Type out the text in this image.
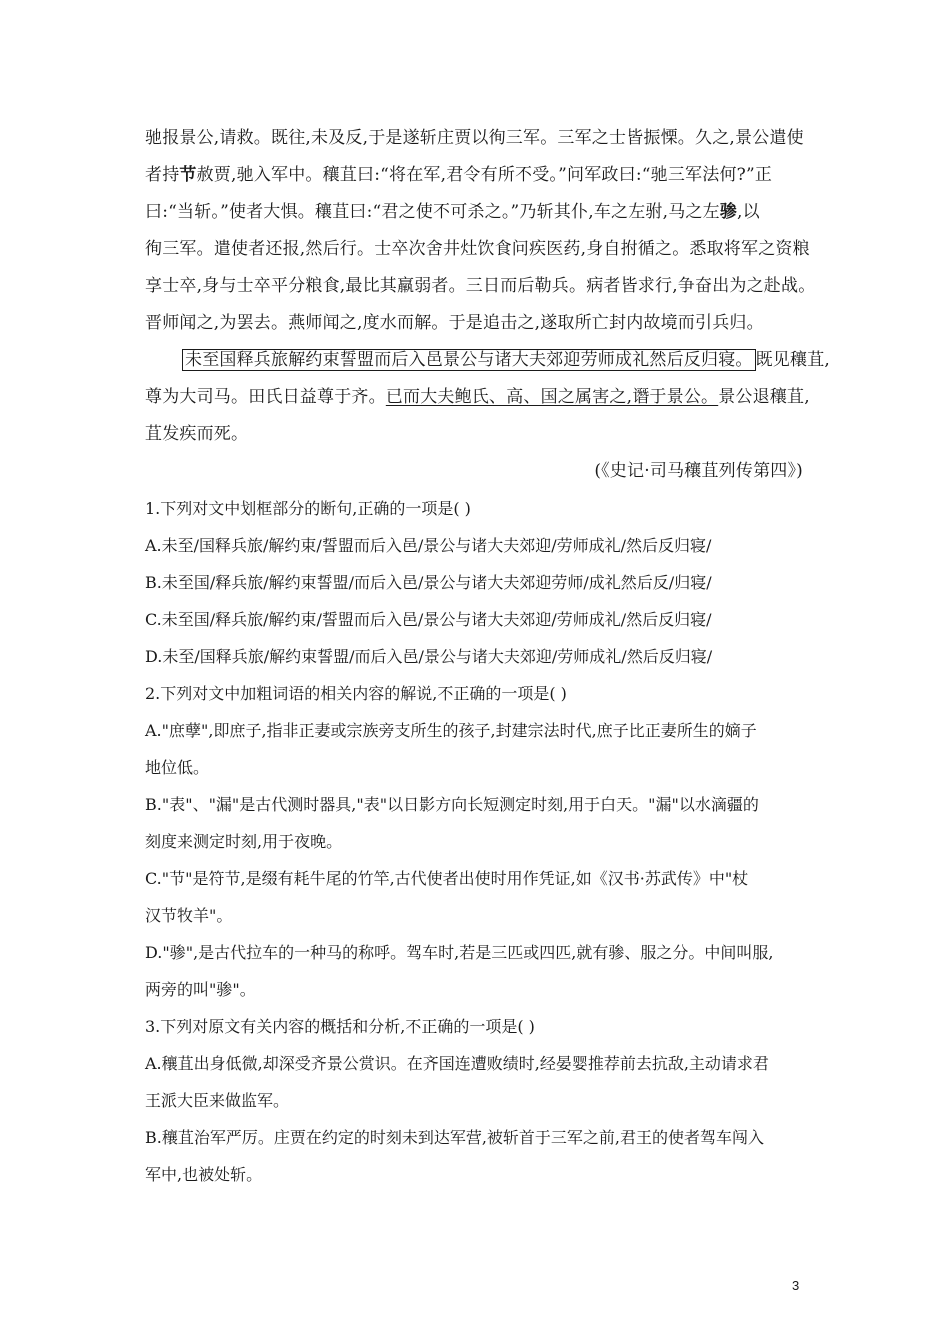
驰报景公,请救。既往,未及反,于是遂斩庄贾以徇三军。三军之士皆振慄。久之,景公遣使
者持节赦贾,驰入军中。穰苴曰:“将在军,君令有所不受。”问军政曰:“驰三军法何?”正
曰:“当斩。”使者大惧。穰苴曰:“君之使不可杀之。”乃斩其仆,车之左驸,马之左骖,以
徇三军。遣使者还报,然后行。士卒次舍井灶饮食问疾医药,身自拊循之。悉取将军之资粮
享士卒,身与士卒平分粮食,最比其羸弱者。三日而后勒兵。病者皆求行,争奋出为之赴战。
晋师闻之,为罢去。燕师闻之,度水而解。于是追击之,遂取所亡封内故境而引兵归。
未至国释兵旅解约束誓盟而后入邑景公与诸大夫郊迎劳师成礼然后反归寝。 既见穰苴,
尊为大司马。田氏日益尊于齐。已而大夫鲍氏、高、国之属害之,谮于景公。景公退穰苴,
苴发疾而死。
(《史记·司马穰苴列传第四》)
1.下列对文中划框部分的断句,正确的一项是( )
A.未至/国释兵旅/解约束/誓盟而后入邑/景公与诸大夫郊迎/劳师成礼/然后反归寝/
B.未至国/释兵旅/解约束誓盟/而后入邑/景公与诸大夫郊迎劳师/成礼然后反/归寝/
C.未至国/释兵旅/解约束/誓盟而后入邑/景公与诸大夫郊迎/劳师成礼/然后反归寝/
D.未至/国释兵旅/解约束誓盟/而后入邑/景公与诸大夫郊迎/劳师成礼/然后反归寝/
2.下列对文中加粗词语的相关内容的解说,不正确的一项是( )
A."庶孽",即庶子,指非正妻或宗族旁支所生的孩子,封建宗法时代,庶子比正妻所生的嫡子
地位低。
B."表"、"漏"是古代测时器具,"表"以日影方向长短测定时刻,用于白天。"漏"以水滴疆的
刻度来测定时刻,用于夜晚。
C."节"是符节,是缀有耗牛尾的竹竿,古代使者出使时用作凭证,如《汉书·苏武传》中"杖
汉节牧羊"。
D."骖",是古代拉车的一种马的称呼。驾车时,若是三匹或四匹,就有骖、服之分。中间叫服,
两旁的叫"骖"。
3.下列对原文有关内容的概括和分析,不正确的一项是( )
A.穰苴出身低微,却深受齐景公赏识。在齐国连遭败绩时,经晏婴推荐前去抗敌,主动请求君
王派大臣来做监军。
B.穰苴治军严厉。庄贾在约定的时刻未到达军营,被斩首于三军之前,君王的使者驾车闯入
军中,也被处斩。
3
